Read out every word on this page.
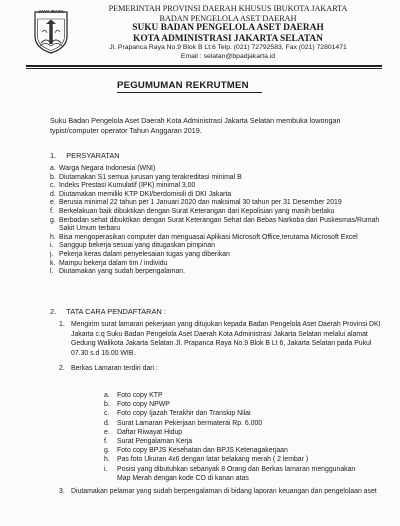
JAYA RAYA	PEMERINTAH PROVINSI DAERAH KHUSUS IBUKOTA JAKARTA
BADAN PENGELOLA ASET DAERAH
SUKU BADAN PENGELOLA ASET DAERAH
KOTA ADMINISTRASI JAKARTA SELATAN
Jl. Prapanca Raya No.9 Blok B Lt.6 Telp. (021) 72792583, Fax (021) 72801471
Email : selatan@bpadjakarta.id
PEGUMUMAN REKRUTMEN
Suku Badan Pengelola Aset Daerah Kota Administrasi Jakarta Selatan membuka lowongan typist/computer operator Tahun Anggaran 2019.
1. PERSYARATAN
a. Warga Negara Indonesia (WNI)
b. Diutamakan S1 semua jurusan yang terakreditasi minimal B
c. Indeks Prestasi Kumulatif (IPK) minimal 3,00
d. Diutamakan memiliki KTP DKI/berdomisili di DKI Jakarta
e. Berusia minimal 22 tahun per 1 Januari 2020 dan maksimal 30 tahun per 31 Desember 2019
f. Berkelakuan baik dibuktikan dengan Surat Keterangan dari Kepolisian yang masih berlaku
g. Berbadan sehat dibuktikan dengan Surat Keterangan Sehat dan Bebas Narkoba dari Puskesmas/Rumah Sakit Umum terbaru
h. Bisa mengoperasikan computer dan menguasai Aplikasi Microsoft Office,terutama Microsoft Excel
i. Sanggup bekerja sesuai yang ditugaskan pimpinan
j. Pekerja keras dalam penyelesaian tugas yang diberikan
k. Mampu bekerja dalam tim / individu
l. Diutamakan yang sudah berpengalaman.
2. TATA CARA PENDAFTARAN :
1. Mengirim surat lamaran pekerjaan yang ditujukan kepada Badan Pengelola Aset Daerah Provinsi DKI Jakarta c.q Suku Badan Pengelola Aset Daerah Kota Administrasi Jakarta Selatan melalui alamat Gedung Walikota Jakarta Selatan Jl. Prapanca Raya No.9 Blok B Lt 6, Jakarta Selatan pada Pukul 07.30 s.d 16.00 WIB.
2. Berkas Lamaran terdiri dari :
3. Diutamakan pelamar yang sudah berpengalaman di bidang laporan keuangan dan pengelolaan aset
a.	Foto copy KTP
b.	Foto copy NPWP
c.	Foto copy Ijazah Terakhir dan Transkip Nilai
d.	Surat Lamaran Pekerjaan bermaterai Rp. 6.000
e.	Daftar Riwayat Hidup
f.	Surat Pengalaman Kerja
g.	Foto copy BPJS Kesehatan dan BPJS Ketenagakerjaan
h.	Pas foto Ukuran 4x6 dengan latar belakang merah ( 2 lembar )
i.	Posisi yang dibutuhkan sebanyak 8 Orang dan Berkas lamaran menggunakan Map Merah dengan kode CO di kanan atas
